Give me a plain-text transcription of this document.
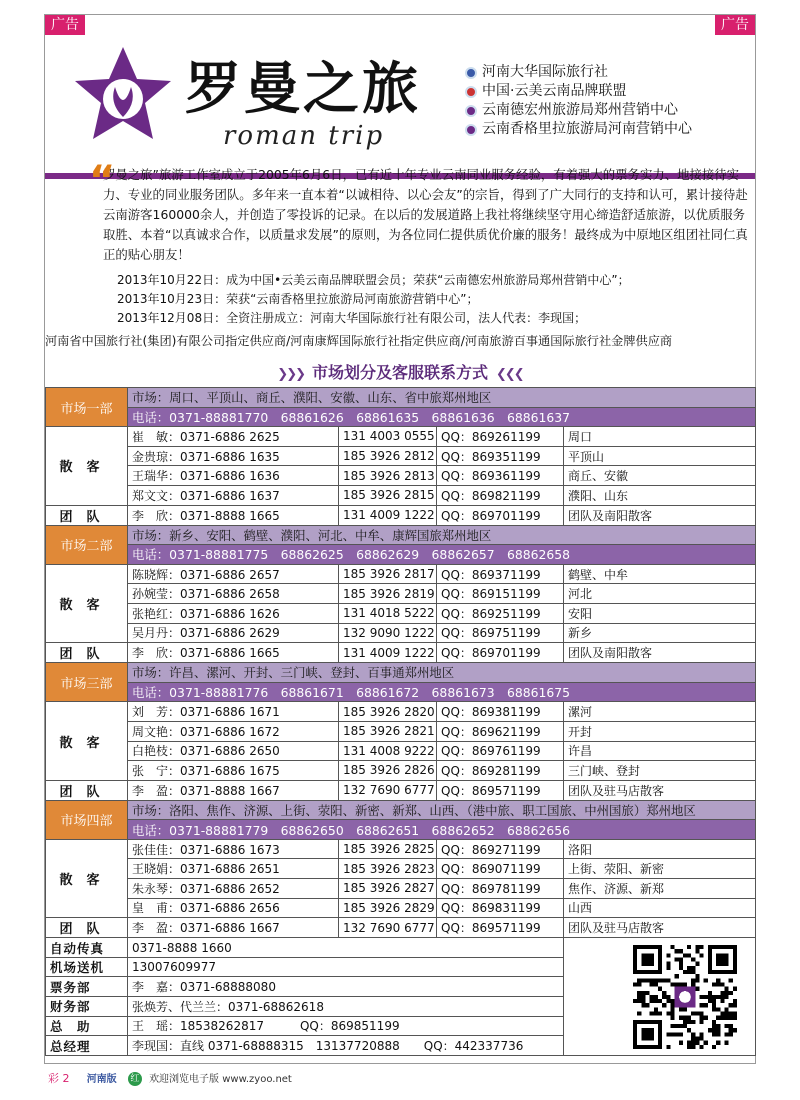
广告	广告
罗曼之旅
roman trip
河南大华国际旅行社
中国·云美云南品牌联盟
云南德宏州旅游局郑州营销中心
云南香格里拉旅游局河南营销中心
“

罗曼之旅”旅游工作室成立于2005年6月6日，已有近十年专业云南同业服务经验，有着强大的票务实力、地接接待实力、专业的同业服务团队。多年来一直本着“以诚相待、以心会友”的宗旨，得到了广大同行的支持和认可，累计接待赴云南游客160000余人，并创造了零投诉的记录。在以后的发展道路上我社将继续坚守用心缔造舒适旅游，以优质服务取胜、本着“以真诚求合作，以质量求发展”的原则，为各位同仁提供质优价廉的服务！最终成为中原地区组团社同仁真正的贴心朋友！

2013年10月22日：成为中国•云美云南品牌联盟会员；荣获“云南德宏州旅游局郑州营销中心”；
2013年10月23日：荣获“云南香格里拉旅游局河南旅游营销中心”；
2013年12月08日：全资注册成立：河南大华国际旅行社有限公司，法人代表：李现国；
河南省中国旅行社(集团)有限公司指定供应商/河南康辉国际旅行社指定供应商/河南旅游百事通国际旅行社金牌供应商
❯❯❯ 市场划分及客服联系方式 ❮❮❮
市场一部	市场：周口、平顶山、商丘、濮阳、安徽、山东、省中旅郑州地区			
	电话：0371-88881770　68861626　68861635　68861636　68861637			
散客	崔　敏：0371-6886 2625	131 4003 0555	QQ：869261199	周口
	金贵琼：0371-6886 1635	185 3926 2812	QQ：869351199	平顶山
	王瑞华：0371-6886 1636	185 3926 2813	QQ：869361199	商丘、安徽
	郑文文：0371-6886 1637	185 3926 2815	QQ：869821199	濮阳、山东
团队	李　欣：0371-8888 1665	131 4009 1222	QQ：869701199	团队及南阳散客
市场二部	市场：新乡、安阳、鹤壁、濮阳、河北、中牟、康辉国旅郑州地区			
	电话：0371-88881775　68862625　68862629　68862657　68862658			
散客	陈晓辉：0371-6886 2657	185 3926 2817	QQ：869371199	鹤壁、中牟
	孙婉莹：0371-6886 2658	185 3926 2819	QQ：869151199	河北
	张艳红：0371-6886 1626	131 4018 5222	QQ：869251199	安阳
	吴月丹：0371-6886 2629	132 9090 1222	QQ：869751199	新乡
团队	李　欣：0371-6886 1665	131 4009 1222	QQ：869701199	团队及南阳散客
市场三部	市场：许昌、漯河、开封、三门峡、登封、百事通郑州地区			
	电话：0371-88881776　68861671　68861672　68861673　68861675			
散客	刘　芳：0371-6886 1671	185 3926 2820	QQ：869381199	漯河
	周文艳：0371-6886 1672	185 3926 2821	QQ：869621199	开封
	白艳枝：0371-6886 2650	131 4008 9222	QQ：869761199	许昌
	张　宁：0371-6886 1675	185 3926 2826	QQ：869281199	三门峡、登封
团队	李　盈：0371-8888 1667	132 7690 6777	QQ：869571199	团队及驻马店散客
市场四部	市场：洛阳、焦作、济源、上街、荥阳、新密、新郑、山西、（港中旅、职工国旅、中州国旅）郑州地区			
	电话：0371-88881779　68862650　68862651　68862652　68862656			
散客	张佳佳：0371-6886 1673	185 3926 2825	QQ：869271199	洛阳
	王晓娟：0371-6886 2651	185 3926 2823	QQ：869071199	上街、荥阳、新密
	朱永琴：0371-6886 2652	185 3926 2827	QQ：869781199	焦作、济源、新郑
	皇　甫：0371-6886 2656	185 3926 2829	QQ：869831199	山西
团队	李　盈：0371-6886 1667	132 7690 6777	QQ：869571199	团队及驻马店散客
自动传真	0371-8888 1660			
机场送机	13007609977			
票务部	李　嘉：0371-68888080			
财务部	张焕芳、代兰兰：0371-68862618			
总　助	王　瑶：18538262817　　　QQ：869851199			
总经理	李现国：直线 0371-68888315　13137720888　　QQ：442337736			
彩 2 河南版 红 欢迎浏览电子版 www.zyoo.net
